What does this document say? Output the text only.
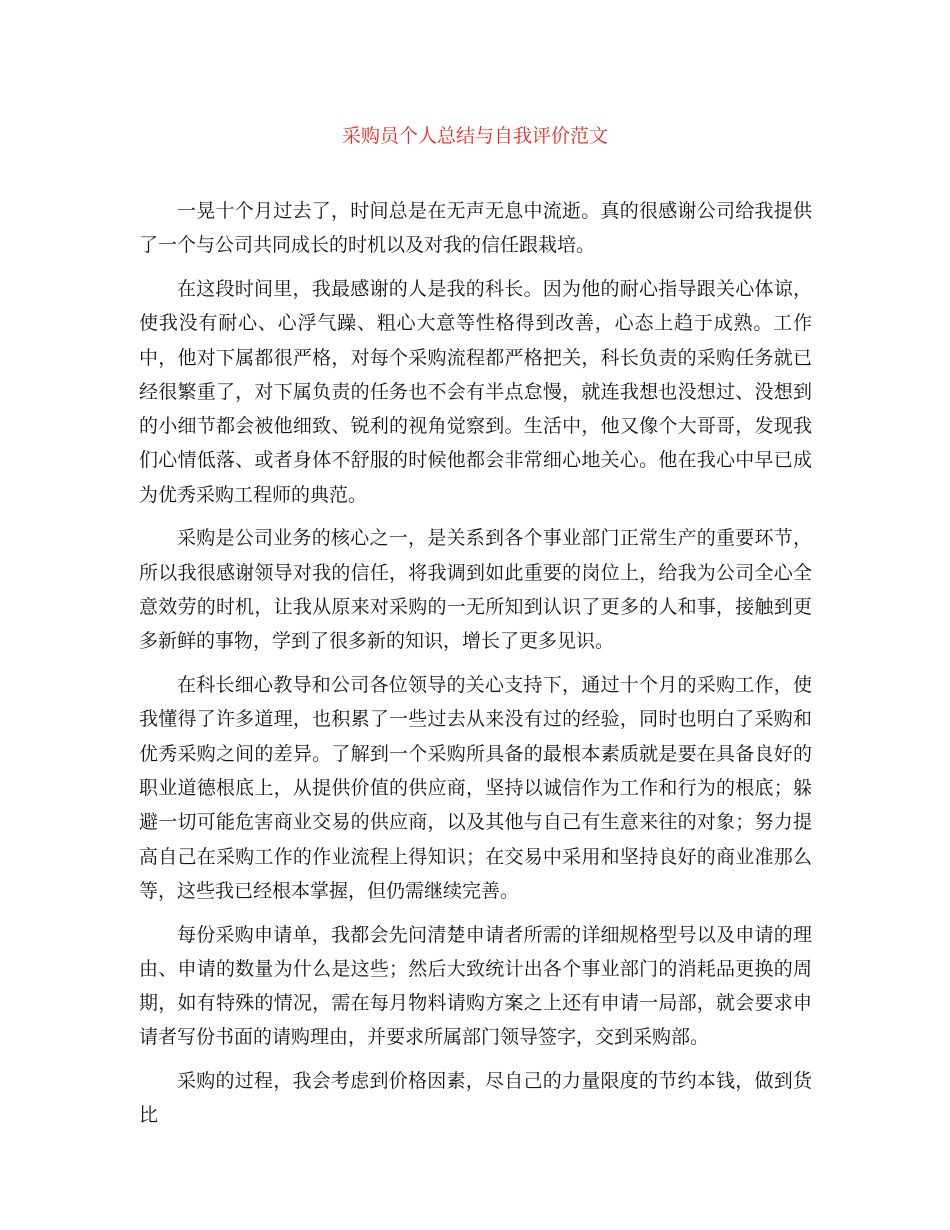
采购员个人总结与自我评价范文

一晃十个月过去了，时间总是在无声无息中流逝。真的很感谢公司给我提供了一个与公司共同成长的时机以及对我的信任跟栽培。

在这段时间里，我最感谢的人是我的科长。因为他的耐心指导跟关心体谅，使我没有耐心、心浮气躁、粗心大意等性格得到改善，心态上趋于成熟。工作中，他对下属都很严格，对每个采购流程都严格把关，科长负责的采购任务就已经很繁重了，对下属负责的任务也不会有半点怠慢，就连我想也没想过、没想到的小细节都会被他细致、锐利的视角觉察到。生活中，他又像个大哥哥，发现我们心情低落、或者身体不舒服的时候他都会非常细心地关心。他在我心中早已成为优秀采购工程师的典范。

采购是公司业务的核心之一，是关系到各个事业部门正常生产的重要环节，所以我很感谢领导对我的信任，将我调到如此重要的岗位上，给我为公司全心全意效劳的时机，让我从原来对采购的一无所知到认识了更多的人和事，接触到更多新鲜的事物，学到了很多新的知识，增长了更多见识。

在科长细心教导和公司各位领导的关心支持下，通过十个月的采购工作，使我懂得了许多道理，也积累了一些过去从来没有过的经验，同时也明白了采购和优秀采购之间的差异。了解到一个采购所具备的最根本素质就是要在具备良好的职业道德根底上，从提供价值的供应商，坚持以诚信作为工作和行为的根底；躲避一切可能危害商业交易的供应商，以及其他与自己有生意来往的对象；努力提高自己在采购工作的作业流程上得知识；在交易中采用和坚持良好的商业准那么等，这些我已经根本掌握，但仍需继续完善。

每份采购申请单，我都会先问清楚申请者所需的详细规格型号以及申请的理由、申请的数量为什么是这些；然后大致统计出各个事业部门的消耗品更换的周期，如有特殊的情况，需在每月物料请购方案之上还有申请一局部，就会要求申请者写份书面的请购理由，并要求所属部门领导签字，交到采购部。

采购的过程，我会考虑到价格因素，尽自己的力量限度的节约本钱，做到货比
